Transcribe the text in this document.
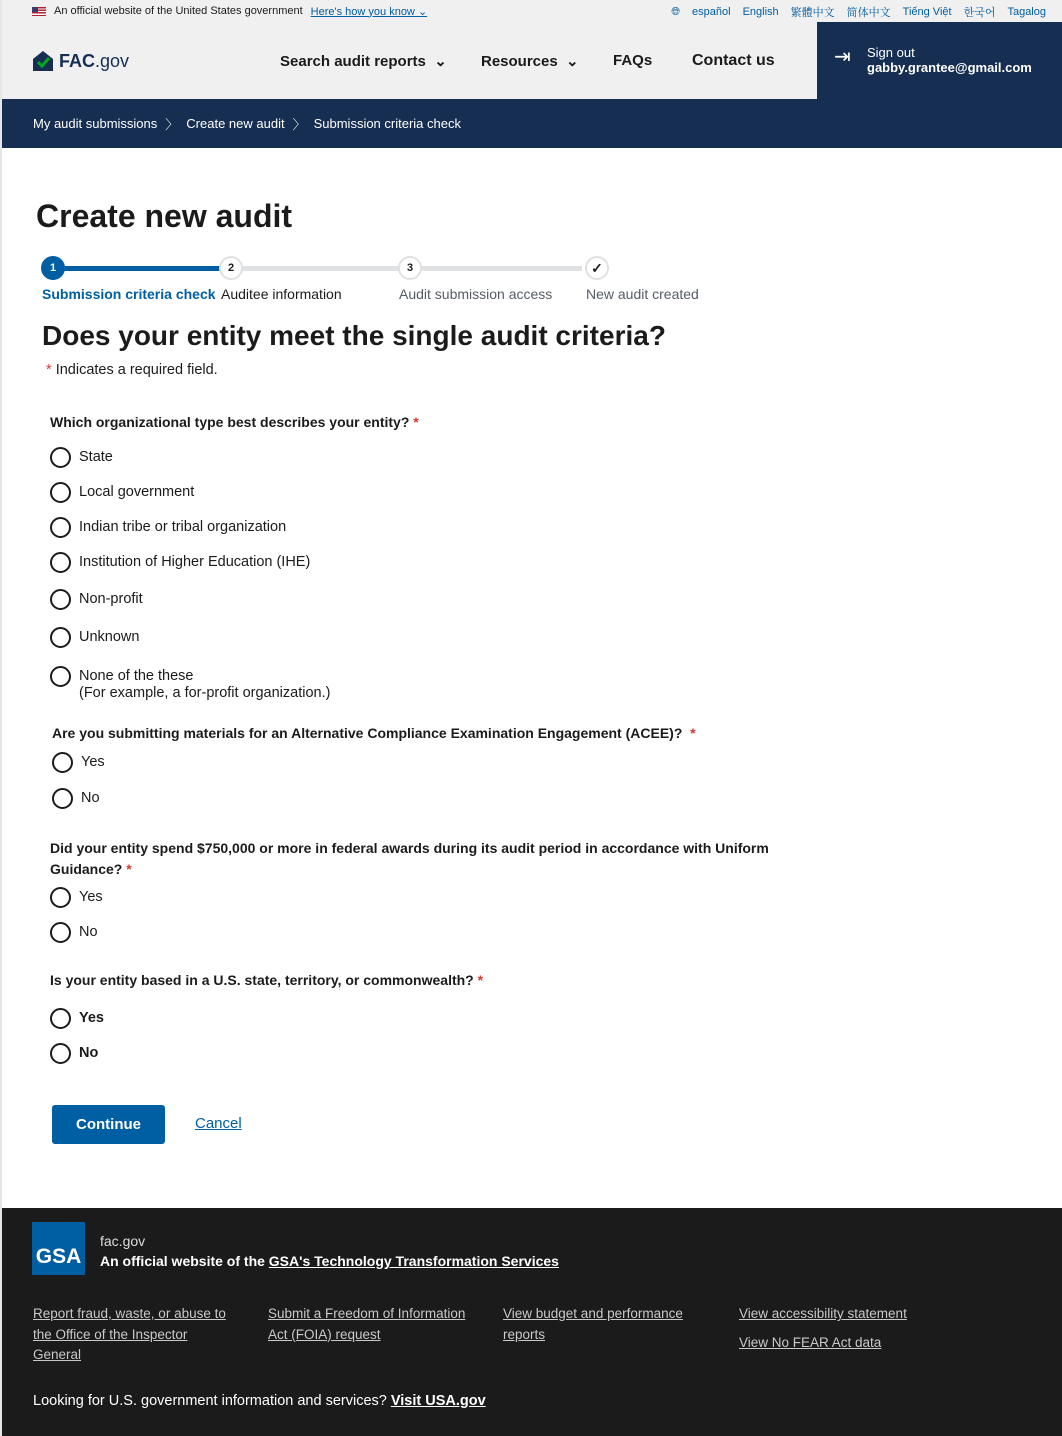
An official website of the United States government Here's how you know ⌄	🌐︎ español English 繁體中文 简体中文 Tiếng Việt 한국어 Tagalog
FAC.gov	Search audit reports  ⌄ Resources  ⌄ FAQs Contact us	⇥ Sign out
gabby.grantee@gmail.com
My audit submissions 〉 Create new audit 〉 Submission criteria check
Create new audit
1	2	3	✓
Submission criteria check Auditee information	Audit submission access New audit created
Does your entity meet the single audit criteria?
* Indicates a required field.
Which organizational type best describes your entity? *
State
Local government
Indian tribe or tribal organization
Institution of Higher Education (IHE)
Non-profit
Unknown
None of the these
(For example, a for-profit organization.)
Are you submitting materials for an Alternative Compliance Examination Engagement (ACEE)? *
Yes
No
Did your entity spend $750,000 or more in federal awards during its audit period in accordance with Uniform Guidance? *
Yes
No
Is your entity based in a U.S. state, territory, or commonwealth? *
Yes
No
Continue	Cancel
GSA
fac.gov
An official website of the GSA's Technology Transformation Services
Report fraud, waste, or abuse to the Office of the Inspector General
Submit a Freedom of Information Act (FOIA) request
View budget and performance reports
View accessibility statement
View No FEAR Act data
Looking for U.S. government information and services? Visit USA.gov
